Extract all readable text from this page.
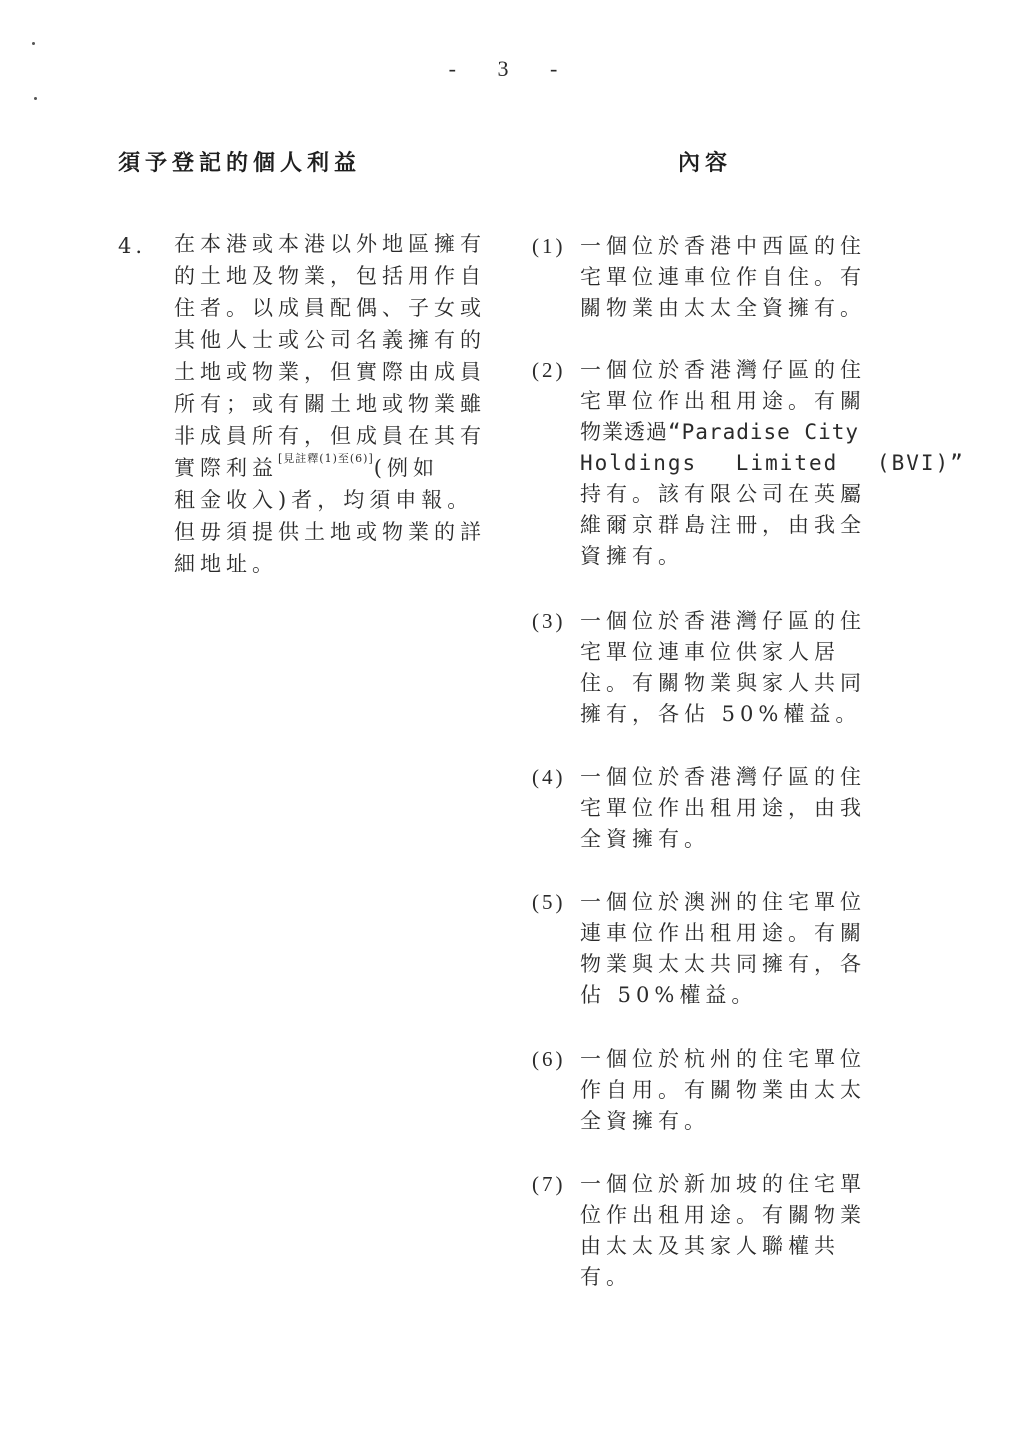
- 3 -
須予登記的個人利益	內容
4. 在本港或本港以外地區擁有
的土地及物業，包括用作自
住者。以成員配偶、子女或
其他人士或公司名義擁有的
土地或物業，但實際由成員
所有；或有關土地或物業雖
非成員所有，但成員在其有
實際利益[見註釋(1)至(6)](例如
租金收入)者，均須申報。
但毋須提供土地或物業的詳
細地址。
(1) 一個位於香港中西區的住
宅單位連車位作自住。有
關物業由太太全資擁有。
(2) 一個位於香港灣仔區的住
宅單位作出租用途。有關
物業透過“Paradise City
Holdings Limited (BVI)”
持有。該有限公司在英屬
維爾京群島注冊，由我全
資擁有。
(3) 一個位於香港灣仔區的住
宅單位連車位供家人居
住。有關物業與家人共同
擁有，各佔 50%權益。
(4) 一個位於香港灣仔區的住
宅單位作出租用途，由我
全資擁有。
(5) 一個位於澳洲的住宅單位
連車位作出租用途。有關
物業與太太共同擁有，各
佔 50%權益。
(6) 一個位於杭州的住宅單位
作自用。有關物業由太太
全資擁有。
(7) 一個位於新加坡的住宅單
位作出租用途。有關物業
由太太及其家人聯權共
有。
